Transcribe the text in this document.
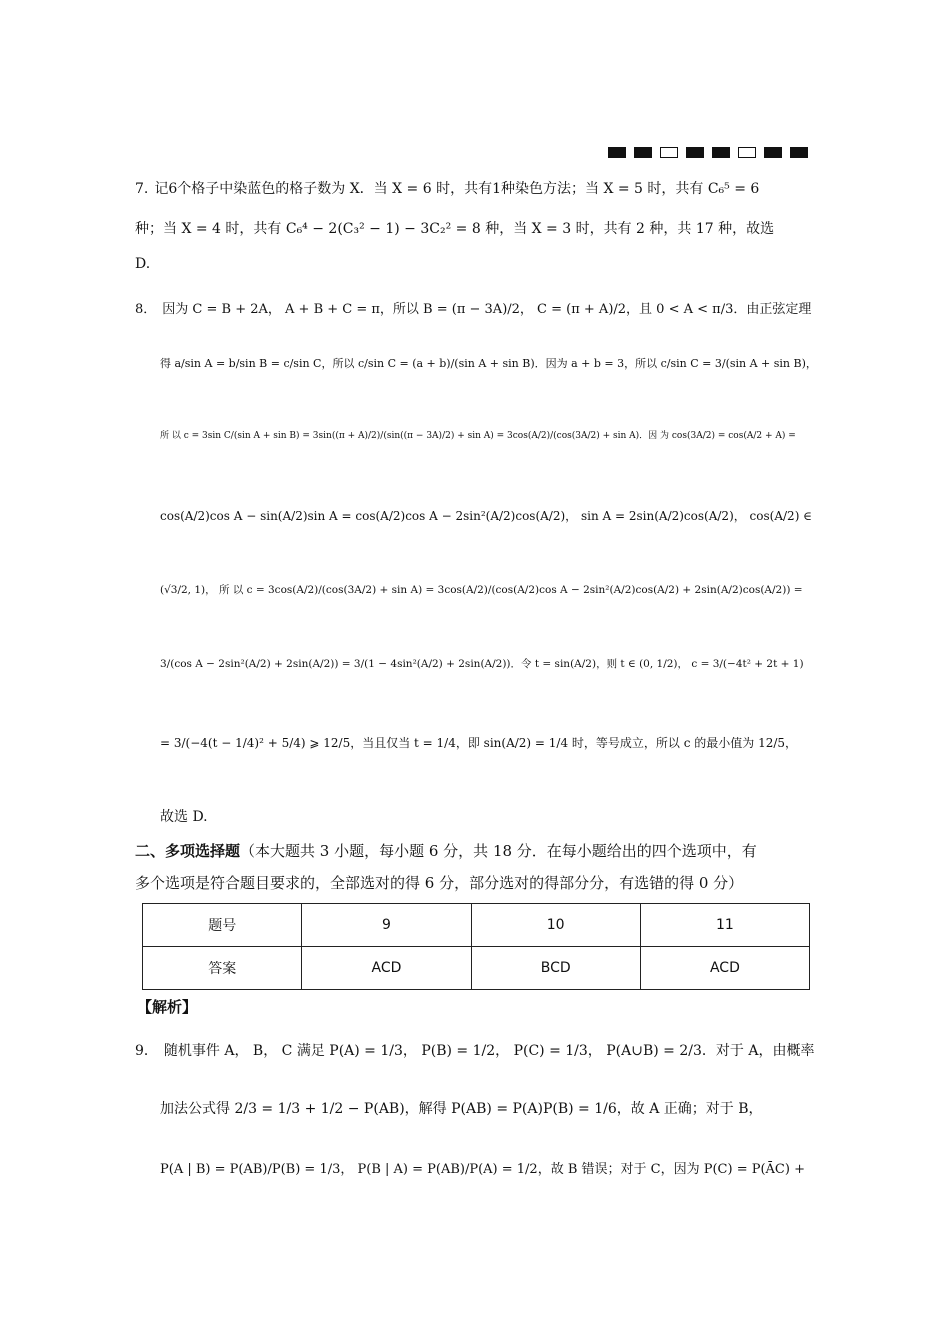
7. 记6个格子中染蓝色的格子数为 X．当 X = 6 时，共有1种染色方法；当 X = 5 时，共有 C₆⁵ = 6
种；当 X = 4 时，共有 C₆⁴ − 2(C₃² − 1) − 3C₂² = 8 种，当 X = 3 时，共有 2 种，共 17 种，故选
D.
8． 因为 C = B + 2A， A + B + C = π，所以 B = (π − 3A)/2， C = (π + A)/2，且 0 < A < π/3．由正弦定理
得 a/sin A = b/sin B = c/sin C，所以 c/sin C = (a + b)/(sin A + sin B)．因为 a + b = 3，所以 c/sin C = 3/(sin A + sin B)，
所 以 c = 3sin C/(sin A + sin B) = 3sin((π + A)/2)/(sin((π − 3A)/2) + sin A) = 3cos(A/2)/(cos(3A/2) + sin A)．因 为 cos(3A/2) = cos(A/2 + A) =
cos(A/2)cos A − sin(A/2)sin A = cos(A/2)cos A − 2sin²(A/2)cos(A/2)， sin A = 2sin(A/2)cos(A/2)， cos(A/2) ∈
(√3/2, 1)， 所 以 c = 3cos(A/2)/(cos(3A/2) + sin A) = 3cos(A/2)/(cos(A/2)cos A − 2sin²(A/2)cos(A/2) + 2sin(A/2)cos(A/2)) =
3/(cos A − 2sin²(A/2) + 2sin(A/2)) = 3/(1 − 4sin²(A/2) + 2sin(A/2))．令 t = sin(A/2)，则 t ∈ (0, 1/2)， c = 3/(−4t² + 2t + 1)
= 3/(−4(t − 1/4)² + 5/4) ⩾ 12/5，当且仅当 t = 1/4，即 sin(A/2) = 1/4 时，等号成立，所以 c 的最小值为 12/5，
故选 D.
二、多项选择题（本大题共 3 小题，每小题 6 分，共 18 分．在每小题给出的四个选项中，有
多个选项是符合题目要求的，全部选对的得 6 分，部分选对的得部分分，有选错的得 0 分）
题号	9	10	11
答案	ACD	BCD	ACD
【解析】
9． 随机事件 A， B， C 满足 P(A) = 1/3， P(B) = 1/2， P(C) = 1/3， P(A∪B) = 2/3．对于 A，由概率
加法公式得 2/3 = 1/3 + 1/2 − P(AB)，解得 P(AB) = P(A)P(B) = 1/6，故 A 正确；对于 B，
P(A | B) = P(AB)/P(B) = 1/3， P(B | A) = P(AB)/P(A) = 1/2，故 B 错误；对于 C，因为 P(C) = P(ĀC) +
